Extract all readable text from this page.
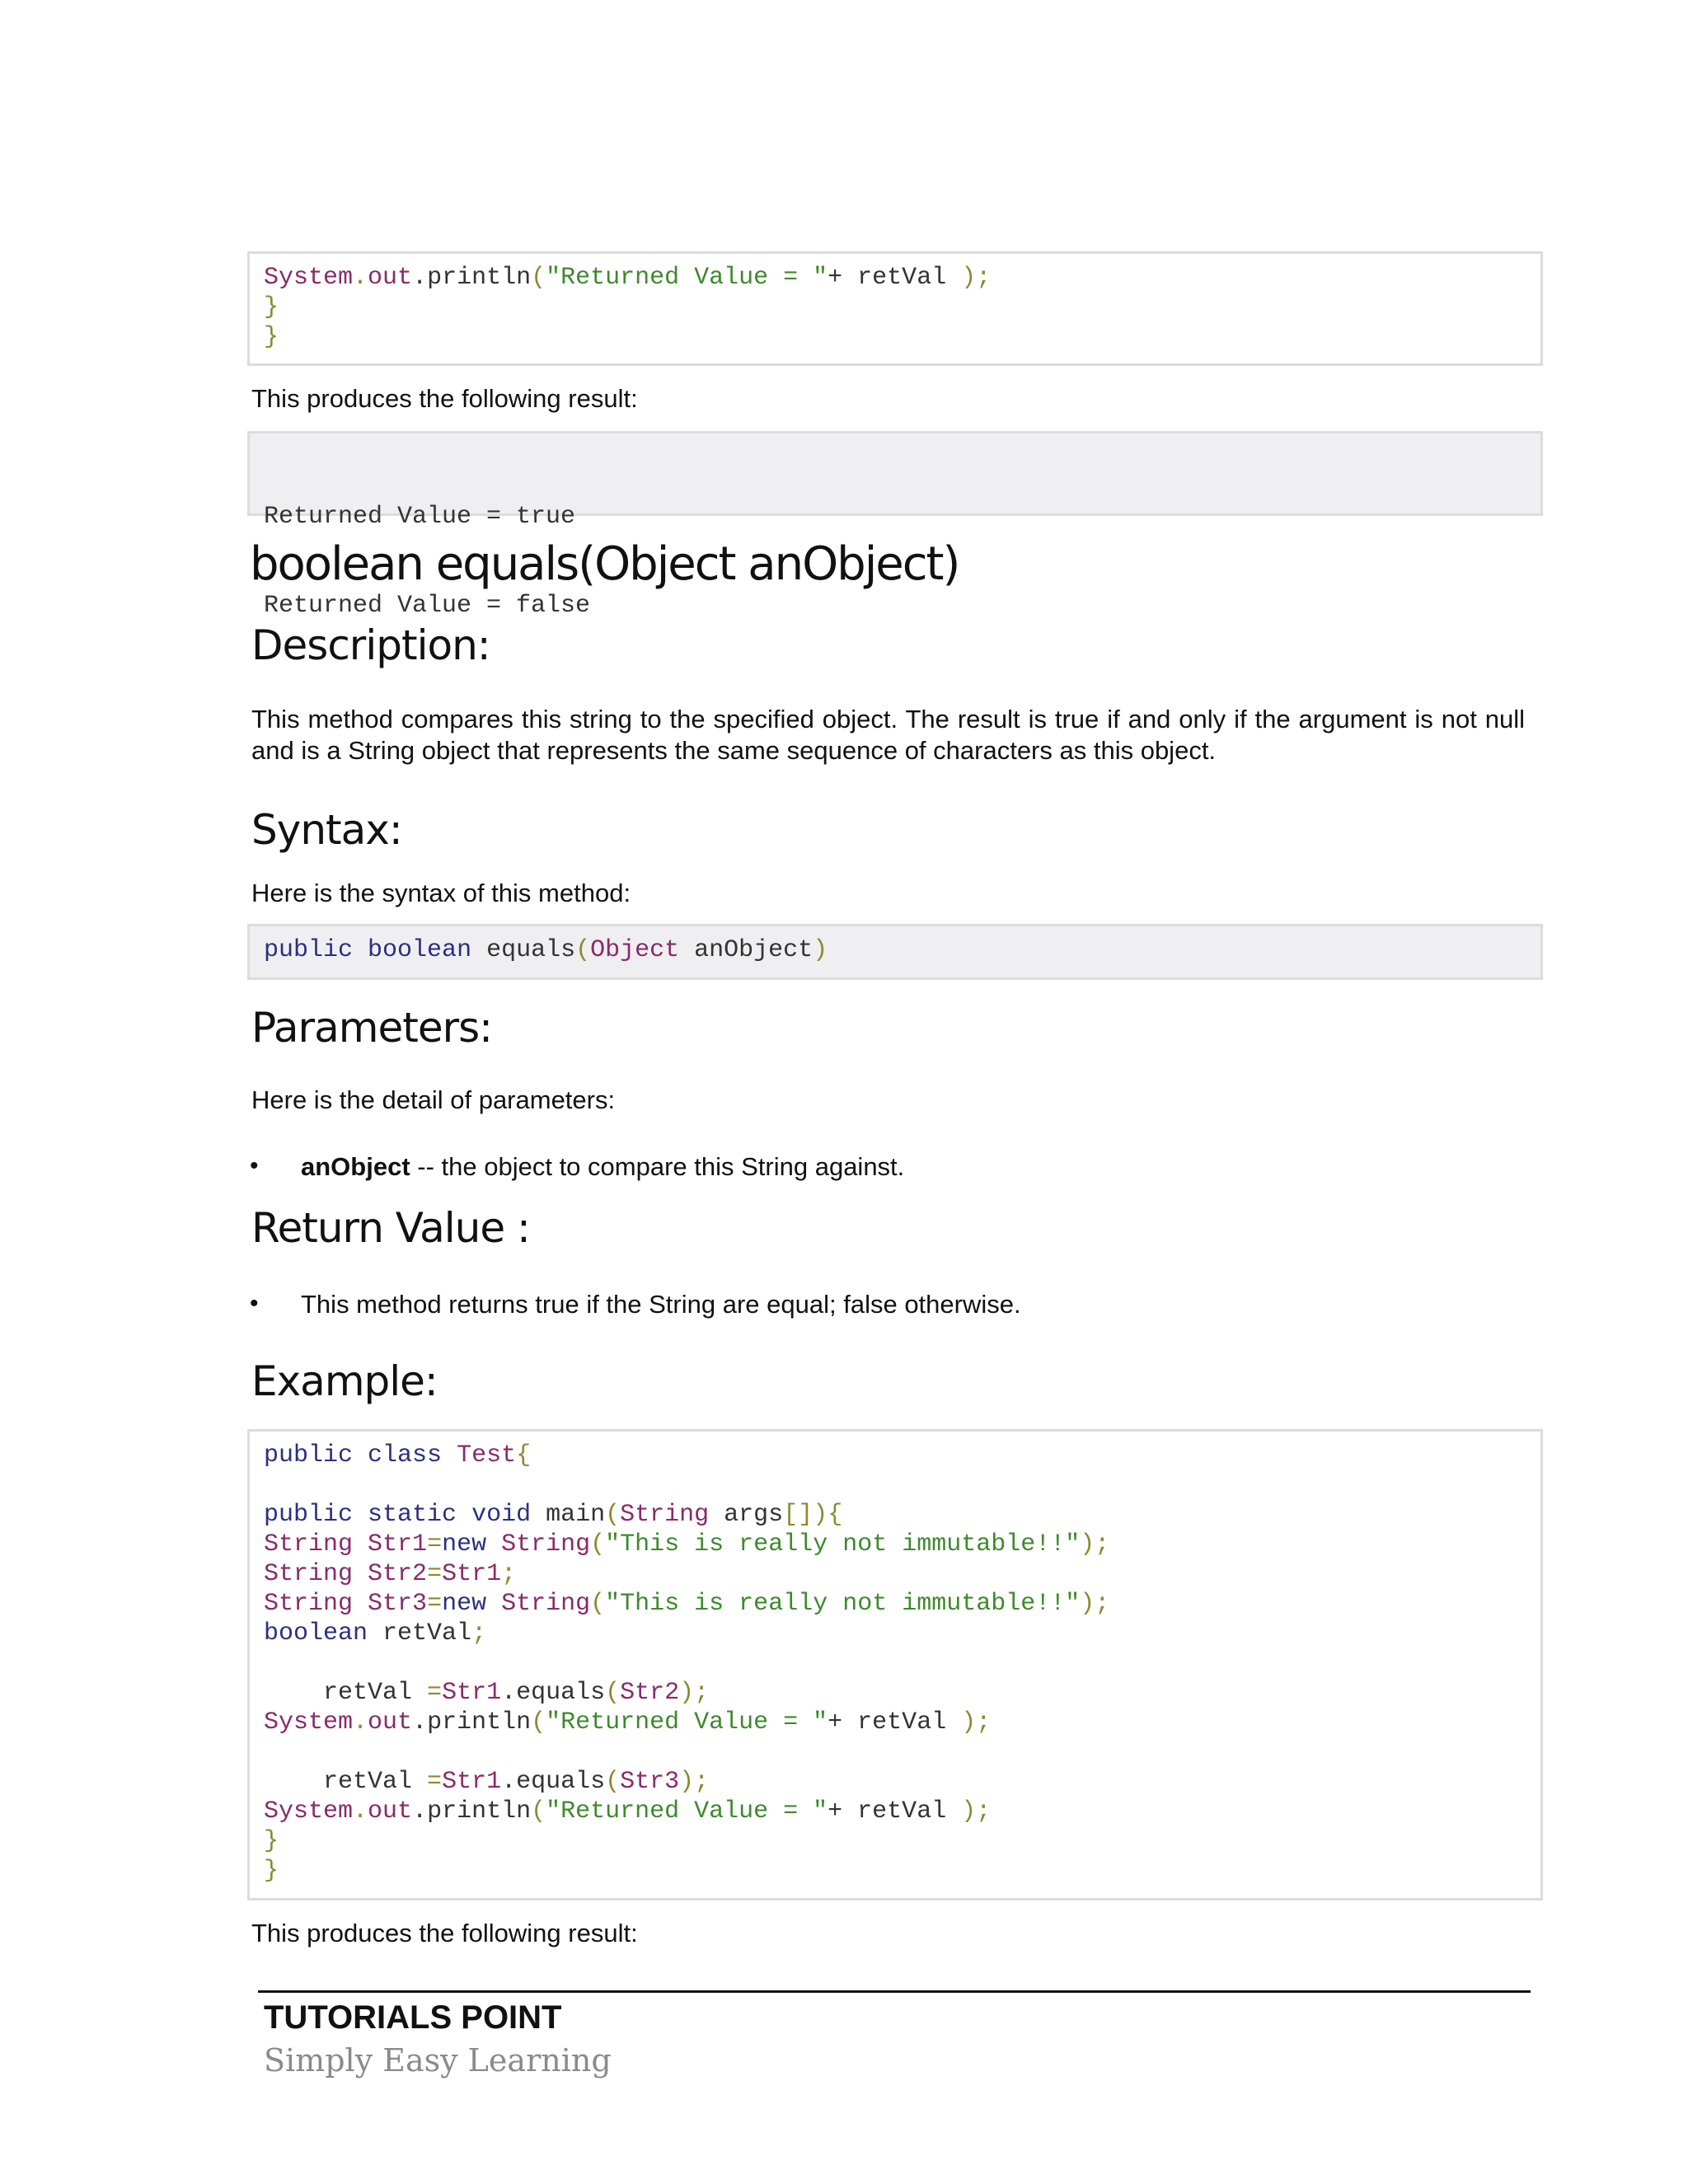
System.out.println("Returned Value = "+ retVal );
}
}
This produces the following result:

Returned Value = true

Returned Value = false

boolean equals(Object anObject)
Description:
This method compares this string to the specified object. The result is true if and only if the argument is not null and is a String object that represents the same sequence of characters as this object.
Syntax:
Here is the syntax of this method:
public boolean equals(Object anObject)
Parameters:
Here is the detail of parameters:
• anObject -- the object to compare this String against.
Return Value :
• This method returns true if the String are equal; false otherwise.
Example:
public class Test{
public static void main(String args[]){
String Str1=new String("This is really not immutable!!");
String Str2=Str1;
String Str3=new String("This is really not immutable!!");
boolean retVal;
retVal =Str1.equals(Str2);
System.out.println("Returned Value = "+ retVal );
retVal =Str1.equals(Str3);
System.out.println("Returned Value = "+ retVal );
}
}
This produces the following result:
TUTORIALS POINT
Simply Easy Learning
